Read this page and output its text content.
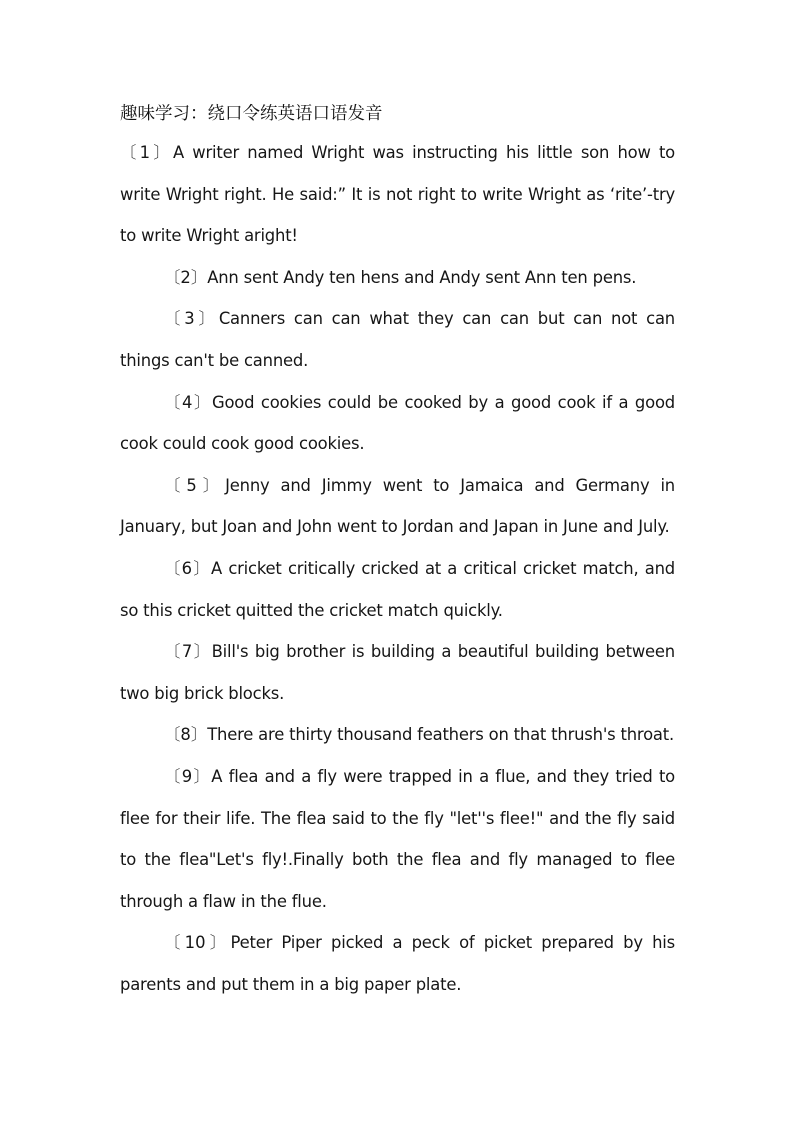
趣味学习：绕口令练英语口语发音

〔1〕A writer named Wright was instructing his little son how to write Wright right. He said:” It is not right to write Wright as ‘rite’-try to write Wright aright!

〔2〕Ann sent Andy ten hens and Andy sent Ann ten pens.

〔3〕Canners can can what they can can but can not can things can't be canned.

〔4〕Good cookies could be cooked by a good cook if a good cook could cook good cookies.

〔5〕Jenny and Jimmy went to Jamaica and Germany in January, but Joan and John went to Jordan and Japan in June and July.

〔6〕A cricket critically cricked at a critical cricket match, and so this cricket quitted the cricket match quickly.

〔7〕Bill's big brother is building a beautiful building between two big brick blocks.

〔8〕There are thirty thousand feathers on that thrush's throat.

〔9〕A flea and a fly were trapped in a flue, and they tried to flee for their life. The flea said to the fly "let''s flee!" and the fly said to the flea"Let's fly!.Finally both the flea and fly managed to flee through a flaw in the flue.

〔10〕Peter Piper picked a peck of picket prepared by his parents and put them in a big paper plate.
